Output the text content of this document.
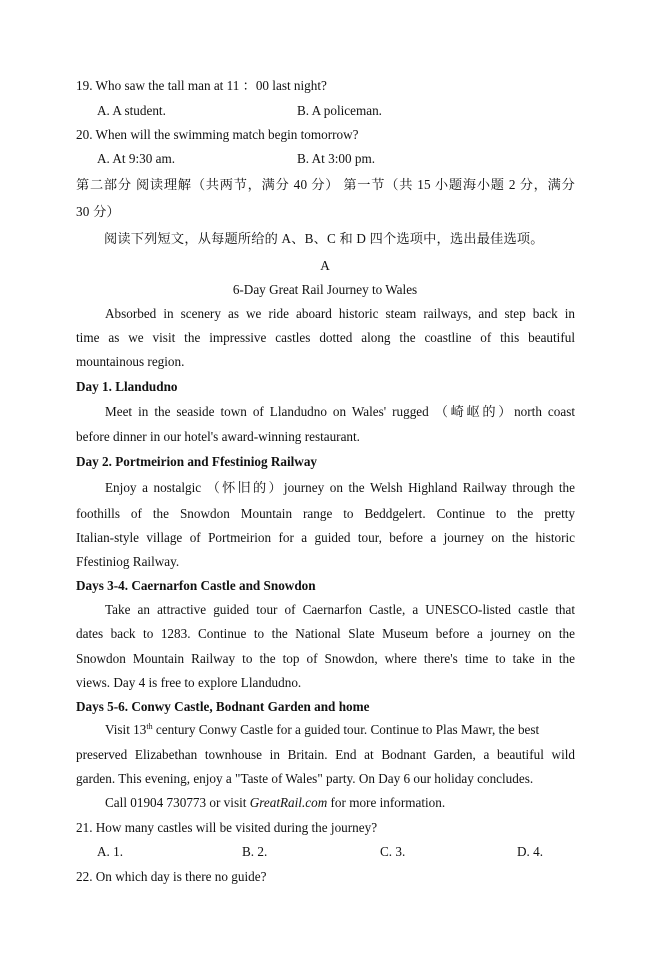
19. Who saw the tall man at 11 ：00 last night?
A. A student.	B. A policeman.
20. When will the swimming match begin tomorrow?
A. At 9:30 am.	B. At 3:00 pm.
第二部分 阅读理解（共两节，满分 40 分） 第一节（共 15 小题海小题 2 分，满分
30 分）
阅读下列短文，从每题所给的 A、B、C 和 D 四个选项中，选出最佳选项。
A
6-Day Great Rail Journey to Wales
Absorbed in scenery as we ride aboard historic steam railways, and step back in
time as we visit the impressive castles dotted along the coastline of this beautiful
mountainous region.
Day 1. Llandudno
Meet in the seaside town of Llandudno on Wales' rugged （崎岖的）north coast
before dinner in our hotel's award-winning restaurant.
Day 2. Portmeirion and Ffestiniog Railway
Enjoy a nostalgic （怀旧的）journey on the Welsh Highland Railway through the
foothills of the Snowdon Mountain range to Beddgelert. Continue to the pretty
Italian-style village of Portmeirion for a guided tour, before a journey on the historic
Ffestiniog Railway.
Days 3-4. Caernarfon Castle and Snowdon
Take an attractive guided tour of Caernarfon Castle, a UNESCO-listed castle that
dates back to 1283. Continue to the National Slate Museum before a journey on the
Snowdon Mountain Railway to the top of Snowdon, where there's time to take in the
views. Day 4 is free to explore Llandudno.
Days 5-6. Conwy Castle, Bodnant Garden and home
Visit 13th century Conwy Castle for a guided tour. Continue to Plas Mawr, the best
preserved Elizabethan townhouse in Britain. End at Bodnant Garden, a beautiful wild
garden. This evening, enjoy a "Taste of Wales" party. On Day 6 our holiday concludes.
Call 01904 730773 or visit GreatRail.com for more information.
21. How many castles will be visited during the journey?
A. 1.	B. 2.	C. 3.	D. 4.
22. On which day is there no guide?
